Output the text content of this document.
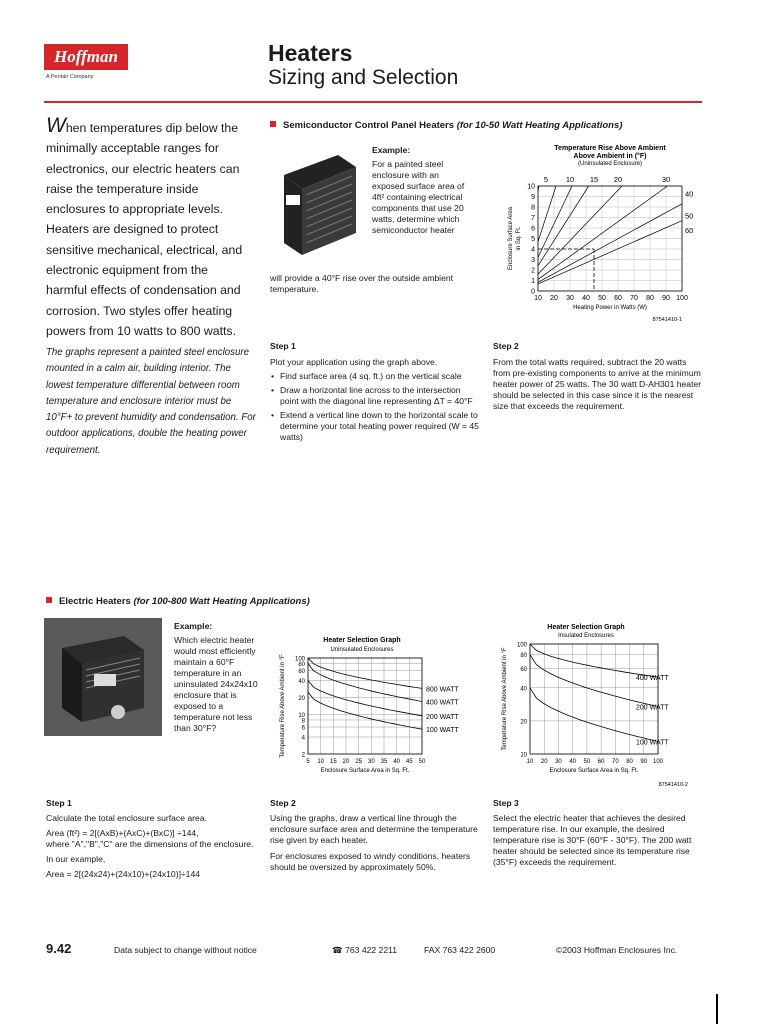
Hoffman
A Pentair Company
Heaters
Sizing and Selection
When temperatures dip below the minimally acceptable ranges for electronics, our electric heaters can raise the temperature inside enclosures to appropriate levels. Heaters are designed to protect sensitive mechanical, electrical, and electronic equipment from the harmful effects of condensation and corrosion. Two styles offer heating powers from 10 watts to 800 watts.
The graphs represent a painted steel enclosure mounted in a calm air, building interior. The lowest temperature differential between room temperature and enclosure interior must be 10°F+ to prevent humidity and condensation. For outdoor applications, double the heating power requirement.
Semiconductor Control Panel Heaters (for 10-50 Watt Heating Applications)
Example:
For a painted steel enclosure with an exposed surface area of 4ft² containing electrical components that use 20 watts, determine which semiconductor heater
will provide a 40°F rise over the outside ambient temperature.
Temperature Rise Above Ambient
Above Ambient in (°F)
(Uninsulated Enclosure)
0
1
2
3
4
5
6
7
8
9
10
10 20 30 40 50 60 70 80 90 100
5 10 15 20	30
40
50
60
Heating Power in Watts (W)
Enclosure Surface Area in Sq. Ft.
87541410-1
Step 1
Plot your application using the graph above.
• Find surface area (4 sq. ft.) on the vertical scale
• Draw a horizontal line across to the intersection point with the diagonal line representing ΔT = 40°F
• Extend a vertical line down to the horizontal scale to determine your total heating power required (W = 45 watts)
Step 2
From the total watts required, subtract the 20 watts from pre-existing components to arrive at the minimum heater power of 25 watts. The 30 watt D-AH301 heater should be selected in this case since it is the nearest size that exceeds the requirement.
Electric Heaters (for 100-800 Watt Heating Applications)
Example:
Which electric heater would most efficiently maintain a 60°F temperature in an uninsulated 24x24x10 enclosure that is exposed to a temperature not less than 30°F?
Heater Selection Graph
Uninsulated Enclosures
2
4
6
8
10
20
40
60
80
100
5 10 15 20 25 30 35 40 45 50
800 WATT
400 WATT
200 WATT
100 WATT
Enclosure Surface Area in Sq. Ft.
Temperature Rise Above Ambient in °F
Heater Selection Graph
Insulated Enclosures
10
20
40
60
80
100
10 20 30 40 50 60 70 80 90 100
400 WATT
200 WATT
100 WATT
Enclosure Surface Area in Sq. Ft.
Temperature Rise Above Ambient in °F
87541410-2
Step 1
Calculate the total enclosure surface area.
Area (ft²) = 2[(AxB)+(AxC)+(BxC)] ÷144,
where "A","B","C" are the dimensions of the enclosure.
In our example,
Area = 2[(24x24)+(24x10)+(24x10)]÷144
Step 2
Using the graphs, draw a vertical line through the enclosure surface area and determine the temperature rise given by each heater.
For enclosures exposed to windy conditions, heaters should be oversized by approximately 50%.
Step 3
Select the electric heater that achieves the desired temperature rise. In our example, the desired temperature rise is 30°F (60°F - 30°F). The 200 watt heater should be selected since its temperature rise (35°F) exceeds the requirement.
9.42	Data subject to change without notice	☎ 763 422 2211	FAX 763 422 2600	©2003 Hoffman Enclosures Inc.
